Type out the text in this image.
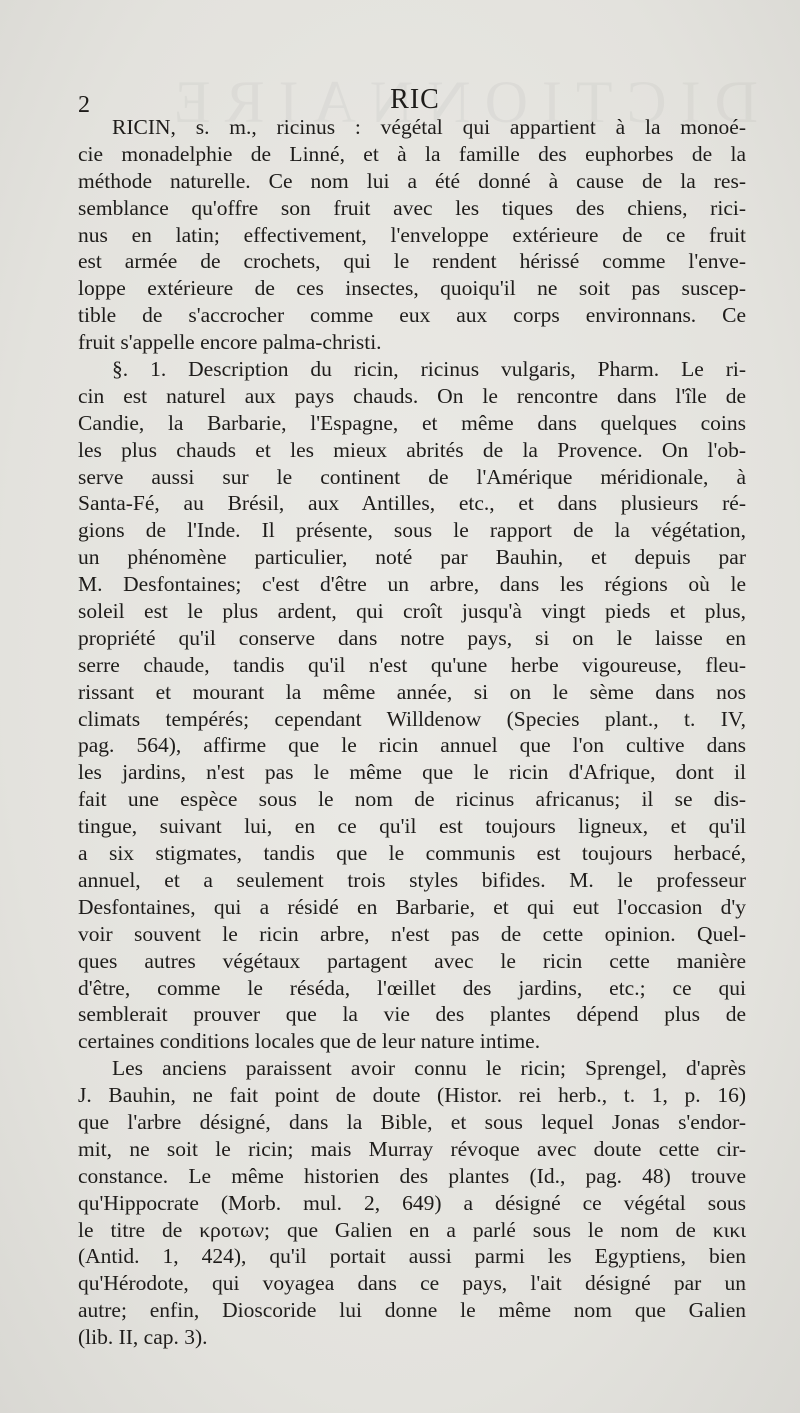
2	RIC
RICIN, s. m., ricinus : végétal qui appartient à la monoé-
cie monadelphie de Linné, et à la famille des euphorbes de la
méthode naturelle. Ce nom lui a été donné à cause de la res-
semblance qu'offre son fruit avec les tiques des chiens, rici-
nus en latin; effectivement, l'enveloppe extérieure de ce fruit
est armée de crochets, qui le rendent hérissé comme l'enve-
loppe extérieure de ces insectes, quoiqu'il ne soit pas suscep-
tible de s'accrocher comme eux aux corps environnans. Ce
fruit s'appelle encore palma-christi.
§. 1. Description du ricin, ricinus vulgaris, Pharm. Le ri-
cin est naturel aux pays chauds. On le rencontre dans l'île de
Candie, la Barbarie, l'Espagne, et même dans quelques coins
les plus chauds et les mieux abrités de la Provence. On l'ob-
serve aussi sur le continent de l'Amérique méridionale, à
Santa-Fé, au Brésil, aux Antilles, etc., et dans plusieurs ré-
gions de l'Inde. Il présente, sous le rapport de la végétation,
un phénomène particulier, noté par Bauhin, et depuis par
M. Desfontaines; c'est d'être un arbre, dans les régions où le
soleil est le plus ardent, qui croît jusqu'à vingt pieds et plus,
propriété qu'il conserve dans notre pays, si on le laisse en
serre chaude, tandis qu'il n'est qu'une herbe vigoureuse, fleu-
rissant et mourant la même année, si on le sème dans nos
climats tempérés; cependant Willdenow (Species plant., t. IV,
pag. 564), affirme que le ricin annuel que l'on cultive dans
les jardins, n'est pas le même que le ricin d'Afrique, dont il
fait une espèce sous le nom de ricinus africanus; il se dis-
tingue, suivant lui, en ce qu'il est toujours ligneux, et qu'il
a six stigmates, tandis que le communis est toujours herbacé,
annuel, et a seulement trois styles bifides. M. le professeur
Desfontaines, qui a résidé en Barbarie, et qui eut l'occasion d'y
voir souvent le ricin arbre, n'est pas de cette opinion. Quel-
ques autres végétaux partagent avec le ricin cette manière
d'être, comme le réséda, l'œillet des jardins, etc.; ce qui
semblerait prouver que la vie des plantes dépend plus de
certaines conditions locales que de leur nature intime.
Les anciens paraissent avoir connu le ricin; Sprengel, d'après
J. Bauhin, ne fait point de doute (Histor. rei herb., t. 1, p. 16)
que l'arbre désigné, dans la Bible, et sous lequel Jonas s'endor-
mit, ne soit le ricin; mais Murray révoque avec doute cette cir-
constance. Le même historien des plantes (Id., pag. 48) trouve
qu'Hippocrate (Morb. mul. 2, 649) a désigné ce végétal sous
le titre de κροτων; que Galien en a parlé sous le nom de κικι
(Antid. 1, 424), qu'il portait aussi parmi les Egyptiens, bien
qu'Hérodote, qui voyagea dans ce pays, l'ait désigné par un
autre; enfin, Dioscoride lui donne le même nom que Galien
(lib. II, cap. 3).
